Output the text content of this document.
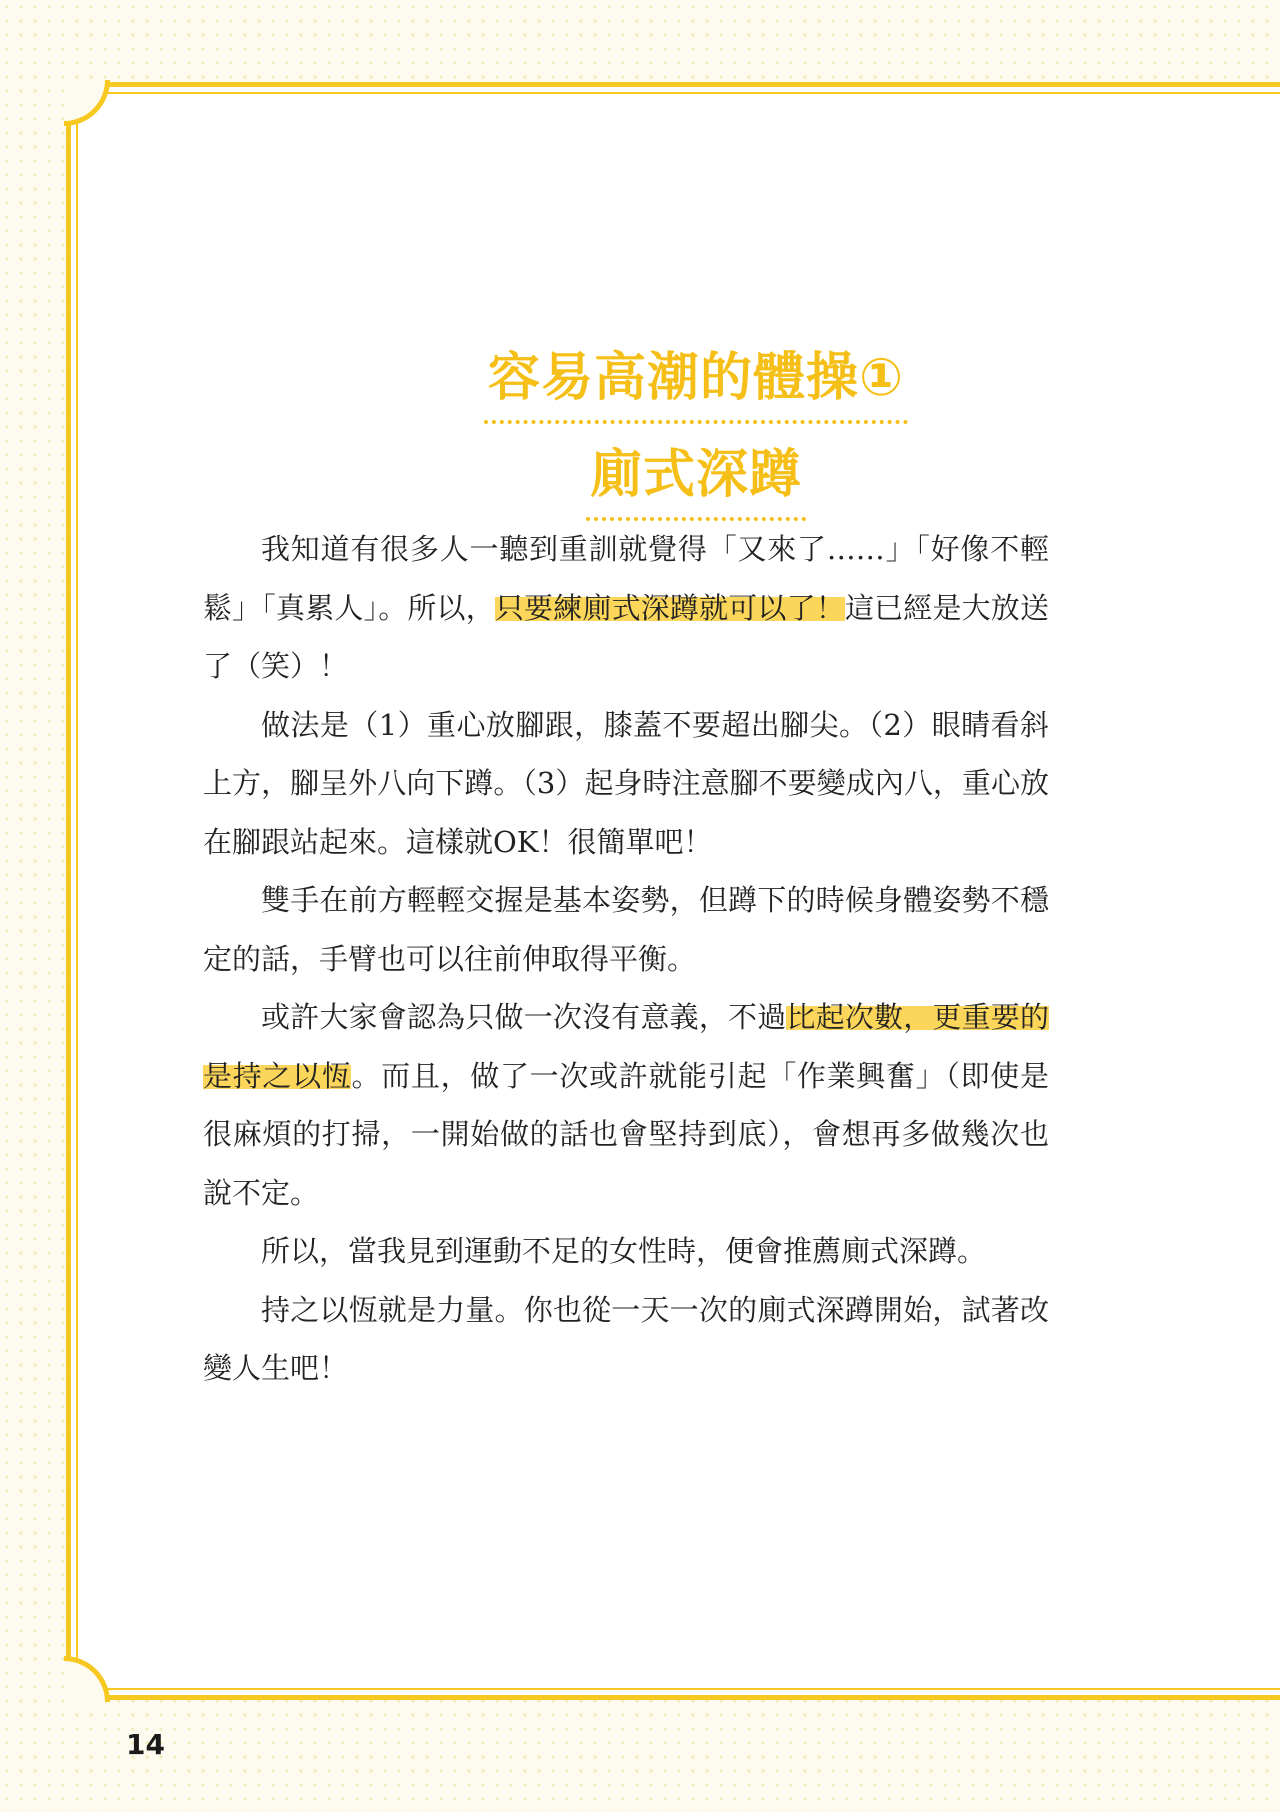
容易高潮的體操①
廁式深蹲

我知道有很多人一聽到重訓就覺得「又來了……」「好像不輕鬆」「真累人」。所以，只要練廁式深蹲就可以了！這已經是大放送了（笑）！

做法是（1）重心放腳跟，膝蓋不要超出腳尖。（2）眼睛看斜上方，腳呈外八向下蹲。（3）起身時注意腳不要變成內八，重心放在腳跟站起來。這樣就OK！很簡單吧！

雙手在前方輕輕交握是基本姿勢，但蹲下的時候身體姿勢不穩定的話，手臂也可以往前伸取得平衡。

或許大家會認為只做一次沒有意義，不過比起次數，更重要的是持之以恆。而且，做了一次或許就能引起「作業興奮」（即使是很麻煩的打掃，一開始做的話也會堅持到底），會想再多做幾次也說不定。

所以，當我見到運動不足的女性時，便會推薦廁式深蹲。

持之以恆就是力量。你也從一天一次的廁式深蹲開始，試著改變人生吧！

14
